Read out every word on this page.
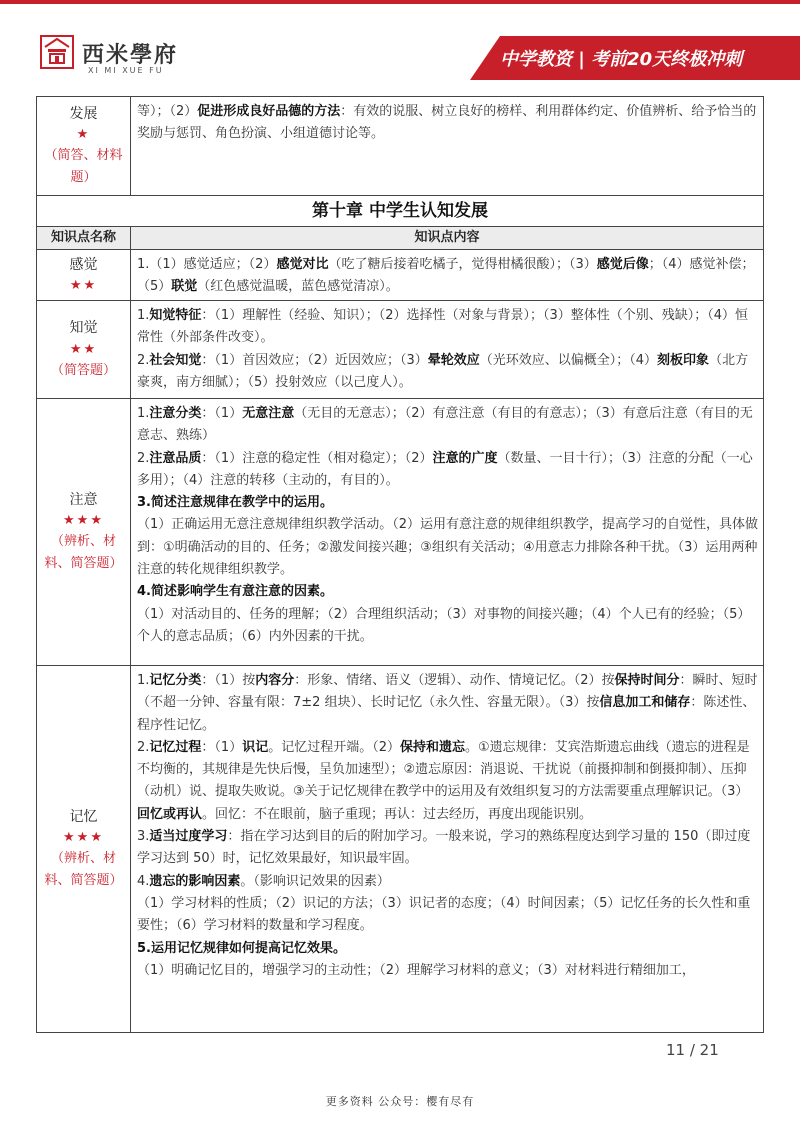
西米學府
XI MI XUE FU
中学教资 | 考前20天终极冲刺
发展
★
（简答、材料题）

等）；（2）促进形成良好品德的方法：有效的说服、树立良好的榜样、利用群体约定、价值辨析、给予恰当的奖励与惩罚、角色扮演、小组道德讨论等。

第十章 中学生认知发展
知识点名称	知识点内容
感觉
★★

1.（1）感觉适应；（2）感觉对比（吃了糖后接着吃橘子，觉得柑橘很酸）；（3）感觉后像；（4）感觉补偿；（5）联觉（红色感觉温暖，蓝色感觉清凉）。

知觉
★★
（简答题）

1.知觉特征：（1）理解性（经验、知识）；（2）选择性（对象与背景）；（3）整体性（个别、残缺）；（4）恒常性（外部条件改变）。

2.社会知觉：（1）首因效应；（2）近因效应；（3）晕轮效应（光环效应、以偏概全）；（4）刻板印象（北方豪爽，南方细腻）；（5）投射效应（以己度人）。

注意
★★★
（辨析、材料、简答题）

1.注意分类：（1）无意注意（无目的无意志）；（2）有意注意（有目的有意志）；（3）有意后注意（有目的无意志、熟练）

2.注意品质：（1）注意的稳定性（相对稳定）；（2）注意的广度（数量、一目十行）；（3）注意的分配（一心多用）；（4）注意的转移（主动的，有目的）。

3.简述注意规律在教学中的运用。

（1）正确运用无意注意规律组织教学活动。（2）运用有意注意的规律组织教学，提高学习的自觉性，具体做到：①明确活动的目的、任务；②激发间接兴趣；③组织有关活动；④用意志力排除各种干扰。（3）运用两种注意的转化规律组织教学。

4.简述影响学生有意注意的因素。

（1）对活动目的、任务的理解；（2）合理组织活动；（3）对事物的间接兴趣；（4）个人已有的经验；（5）个人的意志品质；（6）内外因素的干扰。

记忆
★★★
（辨析、材料、简答题）

1.记忆分类：（1）按内容分：形象、情绪、语义（逻辑）、动作、情境记忆。（2）按保持时间分：瞬时、短时（不超一分钟、容量有限：7±2 组块）、长时记忆（永久性、容量无限）。（3）按信息加工和储存：陈述性、程序性记忆。

2.记忆过程：（1）识记。记忆过程开端。（2）保持和遗忘。①遗忘规律：艾宾浩斯遗忘曲线（遗忘的进程是不均衡的，其规律是先快后慢，呈负加速型）；②遗忘原因：消退说、干扰说（前摄抑制和倒摄抑制）、压抑（动机）说、提取失败说。③关于记忆规律在教学中的运用及有效组织复习的方法需要重点理解识记。（3）回忆或再认。回忆：不在眼前，脑子重现；再认：过去经历，再度出现能识别。

3.适当过度学习：指在学习达到目的后的附加学习。一般来说，学习的熟练程度达到学习量的 150（即过度学习达到 50）时，记忆效果最好，知识最牢固。

4.遗忘的影响因素。（影响识记效果的因素）

（1）学习材料的性质；（2）识记的方法；（3）识记者的态度；（4）时间因素；（5）记忆任务的长久性和重要性；（6）学习材料的数量和学习程度。

5.运用记忆规律如何提高记忆效果。

（1）明确记忆目的，增强学习的主动性；（2）理解学习材料的意义；（3）对材料进行精细加工，

11 / 21
更多资料 公众号：樱有尽有
